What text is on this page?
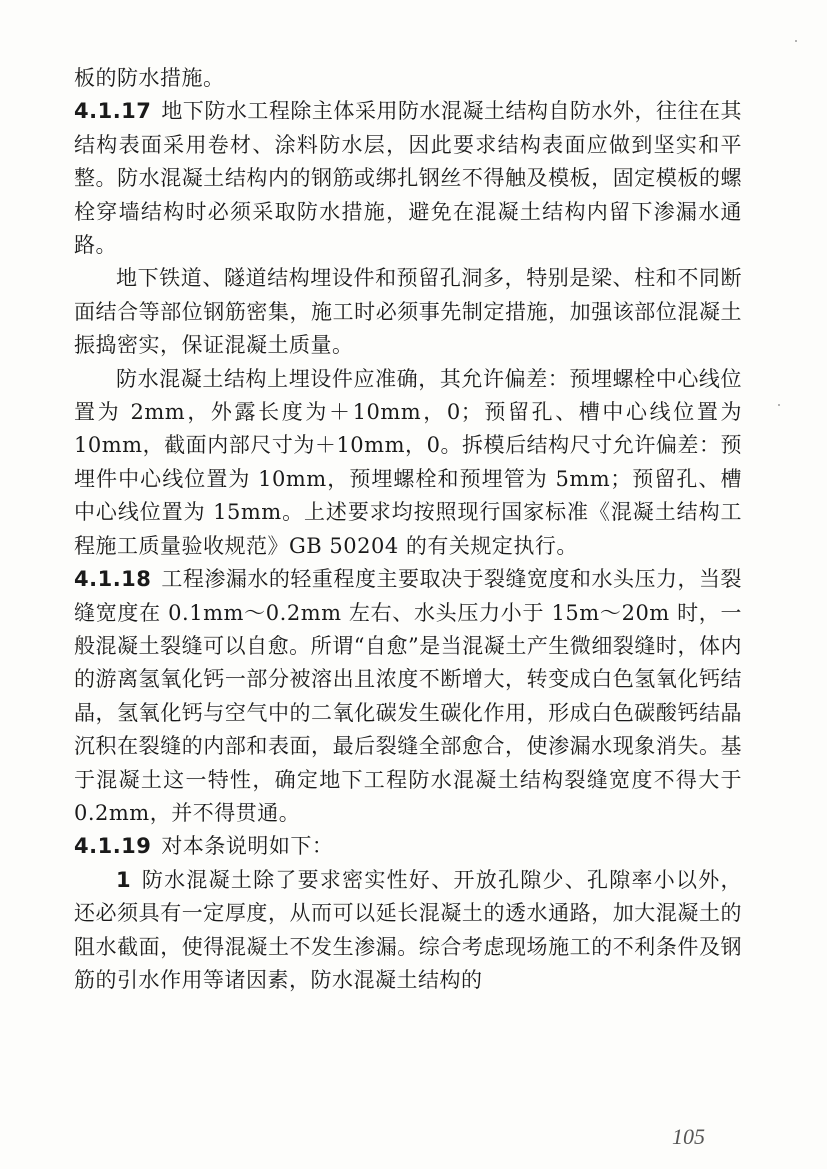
板的防水措施。

4.1.17 地下防水工程除主体采用防水混凝土结构自防水外，往往在其结构表面采用卷材、涂料防水层，因此要求结构表面应做到坚实和平整。防水混凝土结构内的钢筋或绑扎钢丝不得触及模板，固定模板的螺栓穿墙结构时必须采取防水措施，避免在混凝土结构内留下渗漏水通路。

地下铁道、隧道结构埋设件和预留孔洞多，特别是梁、柱和不同断面结合等部位钢筋密集，施工时必须事先制定措施，加强该部位混凝土振捣密实，保证混凝土质量。

防水混凝土结构上埋设件应准确，其允许偏差：预埋螺栓中心线位置为 2mm，外露长度为＋10mm，0；预留孔、槽中心线位置为 10mm，截面内部尺寸为＋10mm，0。拆模后结构尺寸允许偏差：预埋件中心线位置为 10mm，预埋螺栓和预埋管为 5mm；预留孔、槽中心线位置为 15mm。上述要求均按照现行国家标准《混凝土结构工程施工质量验收规范》GB 50204 的有关规定执行。

4.1.18 工程渗漏水的轻重程度主要取决于裂缝宽度和水头压力，当裂缝宽度在 0.1mm～0.2mm 左右、水头压力小于 15m～20m 时，一般混凝土裂缝可以自愈。所谓“自愈”是当混凝土产生微细裂缝时，体内的游离氢氧化钙一部分被溶出且浓度不断增大，转变成白色氢氧化钙结晶，氢氧化钙与空气中的二氧化碳发生碳化作用，形成白色碳酸钙结晶沉积在裂缝的内部和表面，最后裂缝全部愈合，使渗漏水现象消失。基于混凝土这一特性，确定地下工程防水混凝土结构裂缝宽度不得大于 0.2mm，并不得贯通。

4.1.19 对本条说明如下：

1 防水混凝土除了要求密实性好、开放孔隙少、孔隙率小以外，还必须具有一定厚度，从而可以延长混凝土的透水通路，加大混凝土的阻水截面，使得混凝土不发生渗漏。综合考虑现场施工的不利条件及钢筋的引水作用等诸因素，防水混凝土结构的

105
